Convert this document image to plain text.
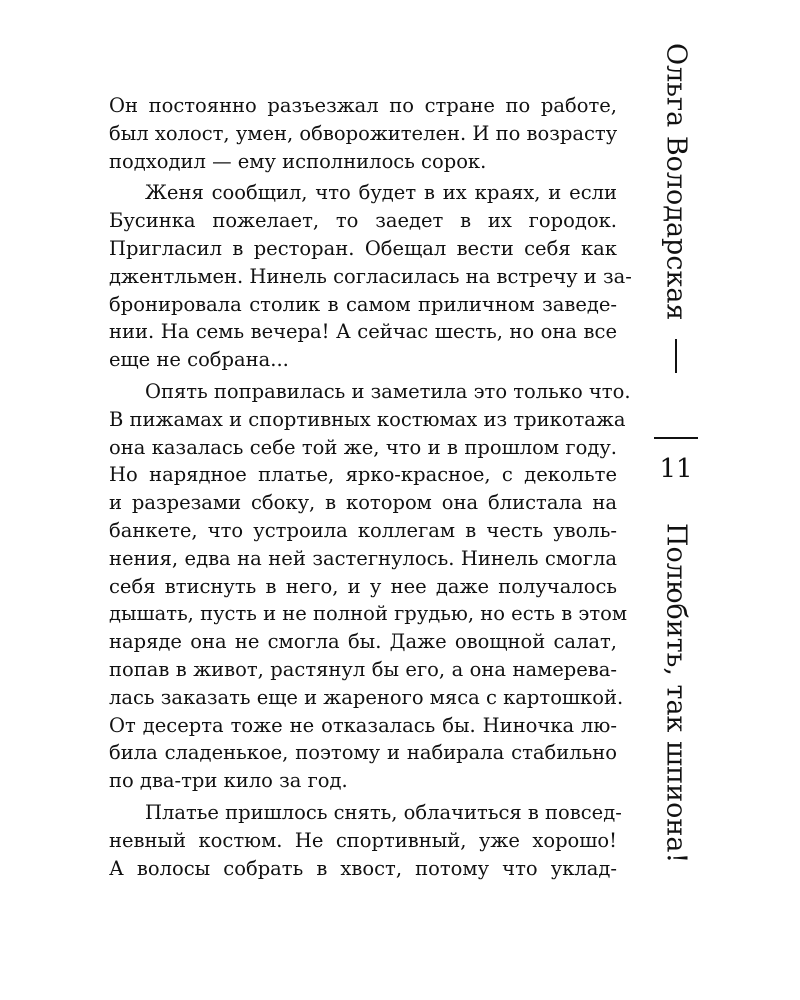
Он постоянно разъезжал по стране по работе,
был холост, умен, обворожителен. И по возрасту
подходил — ему исполнилось сорок.
Женя сообщил, что будет в их краях, и если
Бусинка пожелает, то заедет в их городок.
Пригласил в ресторан. Обещал вести себя как
джентльмен. Нинель согласилась на встречу и за-
бронировала столик в самом приличном заведе-
нии. На семь вечера! А сейчас шесть, но она все
еще не собрана...
Опять поправилась и заметила это только что.
В пижамах и спортивных костюмах из трикотажа
она казалась себе той же, что и в прошлом году.
Но нарядное платье, ярко-красное, с декольте
и разрезами сбоку, в котором она блистала на
банкете, что устроила коллегам в честь уволь-
нения, едва на ней застегнулось. Нинель смогла
себя втиснуть в него, и у нее даже получалось
дышать, пусть и не полной грудью, но есть в этом
наряде она не смогла бы. Даже овощной салат,
попав в живот, растянул бы его, а она намерева-
лась заказать еще и жареного мяса с картошкой.
От десерта тоже не отказалась бы. Ниночка лю-
била сладенькое, поэтому и набирала стабильно
по два-три кило за год.
Платье пришлось снять, облачиться в повсед-
невный костюм. Не спортивный, уже хорошо!
А волосы собрать в хвост, потому что уклад-
Ольга Володарская
11
Полюбить, так шпиона!
